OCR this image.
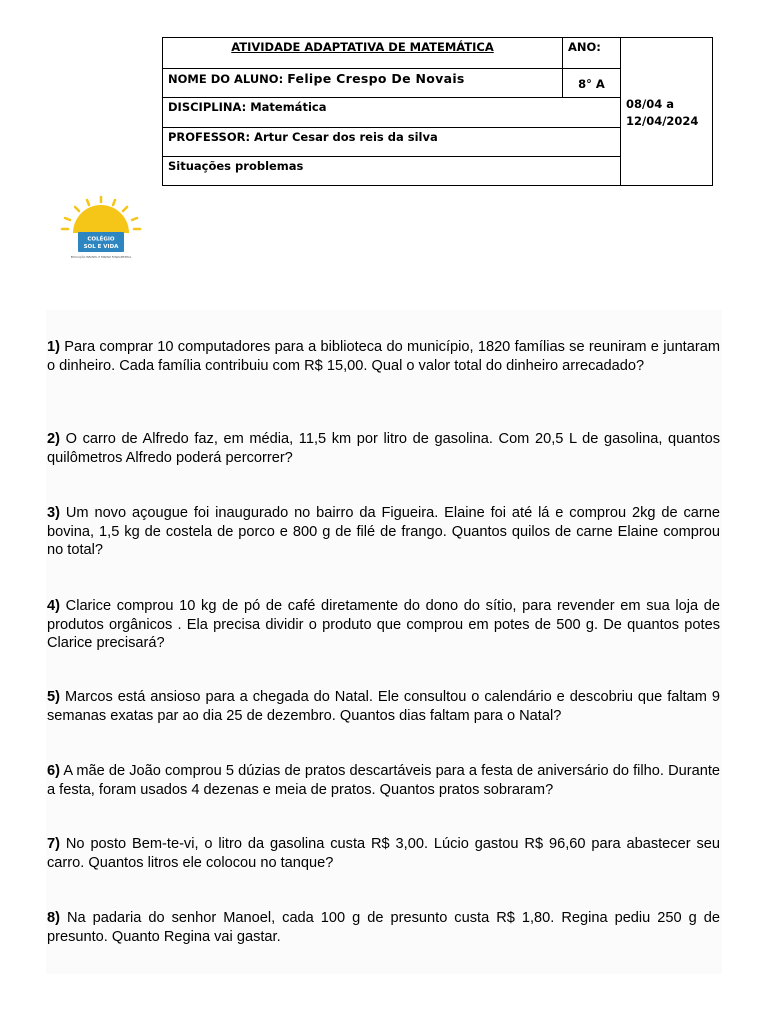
ATIVIDADE ADAPTATIVA DE MATEMÁTICA	ANO:	08/04 a 12/04/2024
NOME DO ALUNO: Felipe Crespo De Novais	8° A	
DISCIPLINA: Matemática		
PROFESSOR: Artur Cesar dos reis da silva		
Situações problemas		
COLÉGIO
SOL E VIDA
EDUCAÇÃO INFANTIL E ENSINO FUNDAMENTAL
1) Para comprar 10 computadores para a biblioteca do município, 1820 famílias se reuniram e juntaram o dinheiro. Cada família contribuiu com R$ 15,00. Qual o valor total do dinheiro arrecadado?
2) O carro de Alfredo faz, em média, 11,5 km por litro de gasolina. Com 20,5 L de gasolina, quantos quilômetros Alfredo poderá percorrer?
3) Um novo açougue foi inaugurado no bairro da Figueira. Elaine foi até lá e comprou 2kg de carne bovina, 1,5 kg de costela de porco e 800 g de filé de frango. Quantos quilos de carne Elaine comprou no total?
4) Clarice comprou 10 kg de pó de café diretamente do dono do sítio, para revender em sua loja de produtos orgânicos . Ela precisa dividir o produto que comprou em potes de 500 g. De quantos potes Clarice precisará?
5) Marcos está ansioso para a chegada do Natal. Ele consultou o calendário e descobriu que faltam 9 semanas exatas par ao dia 25 de dezembro. Quantos dias faltam para o Natal?
6) A mãe de João comprou 5 dúzias de pratos descartáveis para a festa de aniversário do filho. Durante a festa, foram usados 4 dezenas e meia de pratos. Quantos pratos sobraram?
7) No posto Bem-te-vi, o litro da gasolina custa R$ 3,00. Lúcio gastou R$ 96,60 para abastecer seu carro. Quantos litros ele colocou no tanque?
8) Na padaria do senhor Manoel, cada 100 g de presunto custa R$ 1,80. Regina pediu 250 g de presunto. Quanto Regina vai gastar.
